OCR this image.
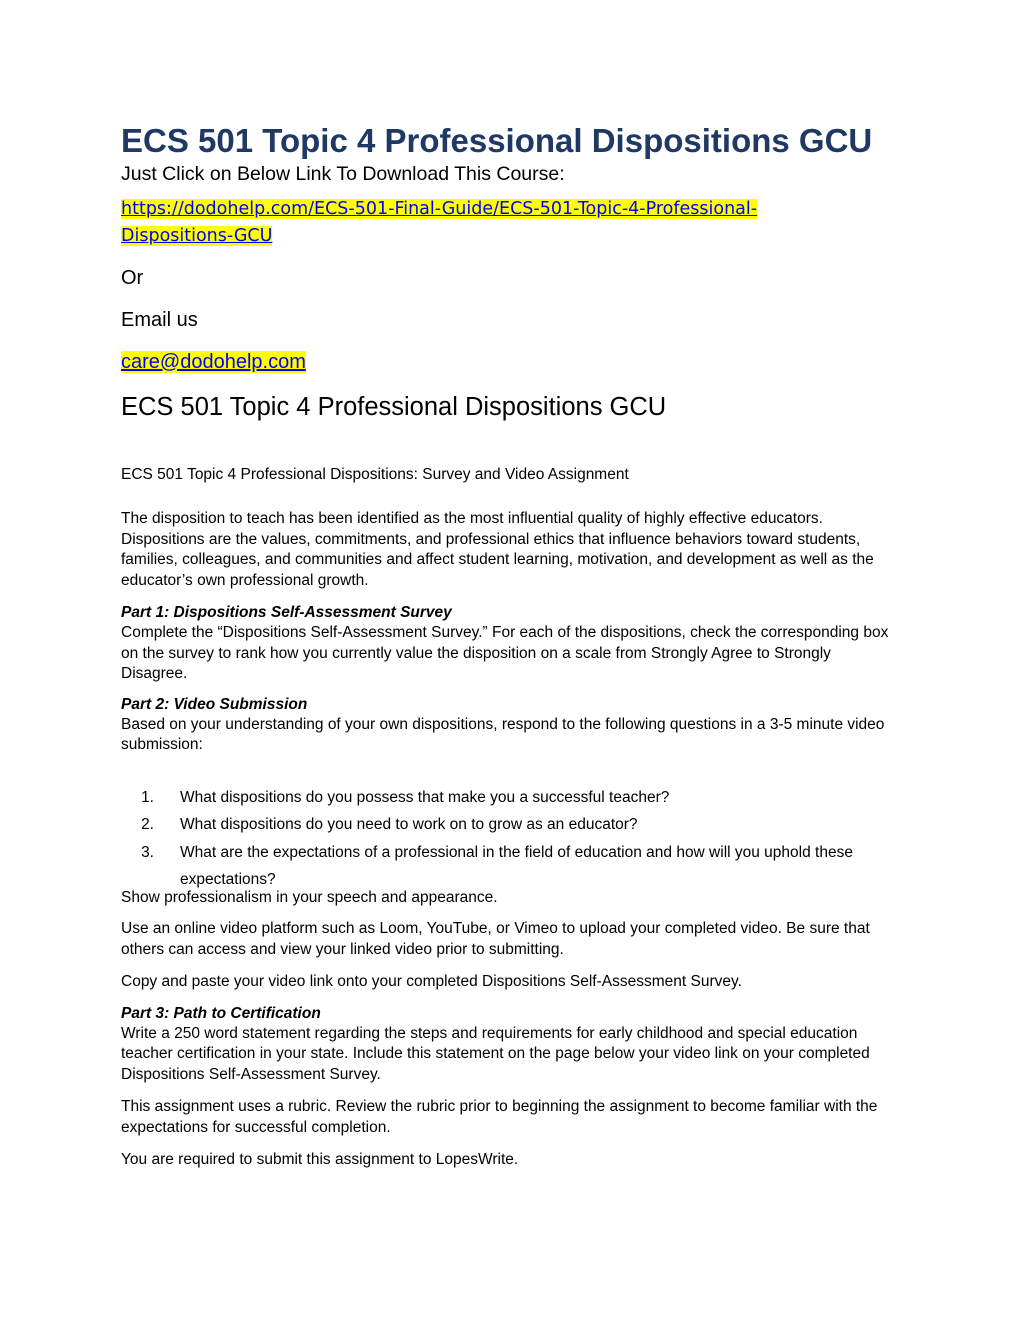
ECS 501 Topic 4 Professional Dispositions GCU

Just Click on Below Link To Download This Course:

https://dodohelp.com/ECS-501-Final-Guide/ECS-501-Topic-4-Professional-
Dispositions-GCU

Or

Email us

care@dodohelp.com
ECS 501 Topic 4 Professional Dispositions GCU

ECS 501 Topic 4 Professional Dispositions: Survey and Video Assignment

The disposition to teach has been identified as the most influential quality of highly effective educators. Dispositions are the values, commitments, and professional ethics that influence behaviors toward students, families, colleagues, and communities and affect student learning, motivation, and development as well as the educator’s own professional growth.

Part 1: Dispositions Self-Assessment Survey

Complete the “Dispositions Self-Assessment Survey.” For each of the dispositions, check the corresponding box on the survey to rank how you currently value the disposition on a scale from Strongly Agree to Strongly Disagree.

Part 2: Video Submission

Based on your understanding of your own dispositions, respond to the following questions in a 3-5 minute video submission:

1.	What dispositions do you possess that make you a successful teacher?
2.	What dispositions do you need to work on to grow as an educator?
3.	What are the expectations of a professional in the field of education and how will you uphold these expectations?

Show professionalism in your speech and appearance.

Use an online video platform such as Loom, YouTube, or Vimeo to upload your completed video. Be sure that others can access and view your linked video prior to submitting.

Copy and paste your video link onto your completed Dispositions Self-Assessment Survey.

Part 3: Path to Certification

Write a 250 word statement regarding the steps and requirements for early childhood and special education teacher certification in your state. Include this statement on the page below your video link on your completed Dispositions Self-Assessment Survey.

This assignment uses a rubric. Review the rubric prior to beginning the assignment to become familiar with the expectations for successful completion.

You are required to submit this assignment to LopesWrite.
